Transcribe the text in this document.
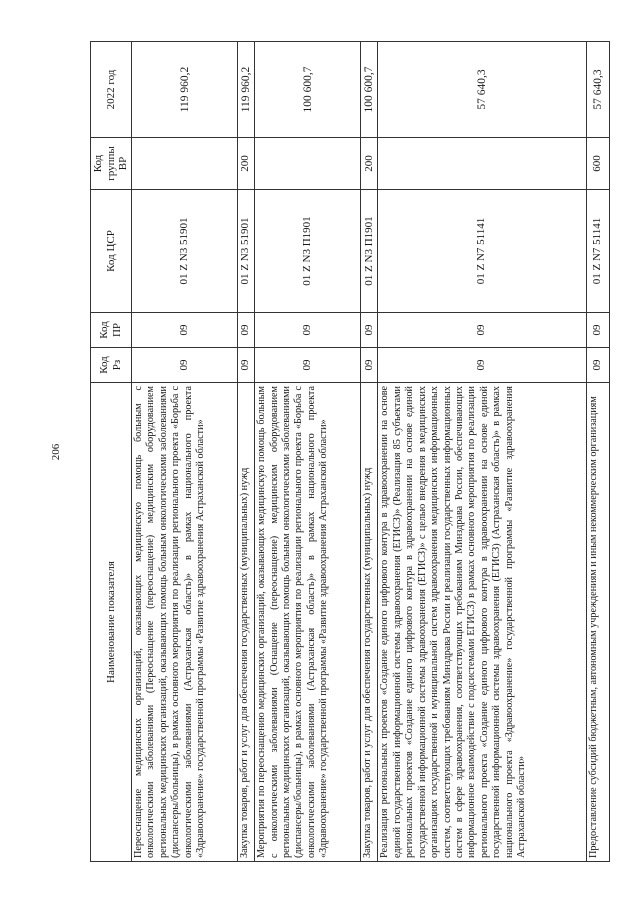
206
Наименование показателя	Код Рз	Код ПР	Код ЦСР	Код группы ВР	2022 год
Переоснащение медицинских организаций, оказывающих медицинскую помощь больным с онкологическими заболеваниями (Переоснащение (переоснащение) медицинским оборудованием региональных медицинских организаций, оказывающих помощь больным онкологическими заболеваниями (диспансеры/больницы), в рамках основного мероприятия по реализации регионального проекта «Борьба с онкологическими заболеваниями (Астраханская область)» в рамках национального проекта «Здравоохранение» государственной программы «Развитие здравоохранения Астраханской области»	09	09	01 Z N3 51901		119 960,2
Закупка товаров, работ и услуг для обеспечения государственных (муниципальных) нужд	09	09	01 Z N3 51901	200	119 960,2
Мероприятия по переоснащению медицинских организаций, оказывающих медицинскую помощь больным с онкологическими заболеваниями (Оснащение (переоснащение) медицинским оборудованием региональных медицинских организаций, оказывающих помощь больным онкологическими заболеваниями (диспансеры/больницы), в рамках основного мероприятия по реализации регионального проекта «Борьба с онкологическими заболеваниями (Астраханская область)» в рамках национального проекта «Здравоохранение» государственной программы «Развитие здравоохранения Астраханской области»	09	09	01 Z N3 П1901		100 600,7
Закупка товаров, работ и услуг для обеспечения государственных (муниципальных) нужд	09	09	01 Z N3 П1901	200	100 600,7
Реализация региональных проектов «Создание единого цифрового контура в здравоохранении на основе единой государственной информационной системы здравоохранения (ЕГИСЗ)» (Реализация 85 субъектами региональных проектов «Создание единого цифрового контура в здравоохранении на основе единой государственной информационной системы здравоохранения (ЕГИСЗ)» с целью внедрения в медицинских организациях государственной и муниципальной систем здравоохранения медицинских информационных систем, соответствующих требованиям Минздрава России и реализации государственных информационных систем в сфере здравоохранения, соответствующих требованиям Минздрава России, обеспечивающих информационное взаимодействие с подсистемами ЕГИСЗ) в рамках основного мероприятия по реализации регионального проекта «Создание единого цифрового контура в здравоохранении на основе единой государственной информационной системы здравоохранения (ЕГИСЗ) (Астраханская область)» в рамках национального проекта «Здравоохранение» государственной программы «Развитие здравоохранения Астраханской области»	09	09	01 Z N7 51141		57 640,3
Предоставление субсидий бюджетным, автономным учреждениям и иным некоммерческим организациям	09	09	01 Z N7 51141	600	57 640,3
